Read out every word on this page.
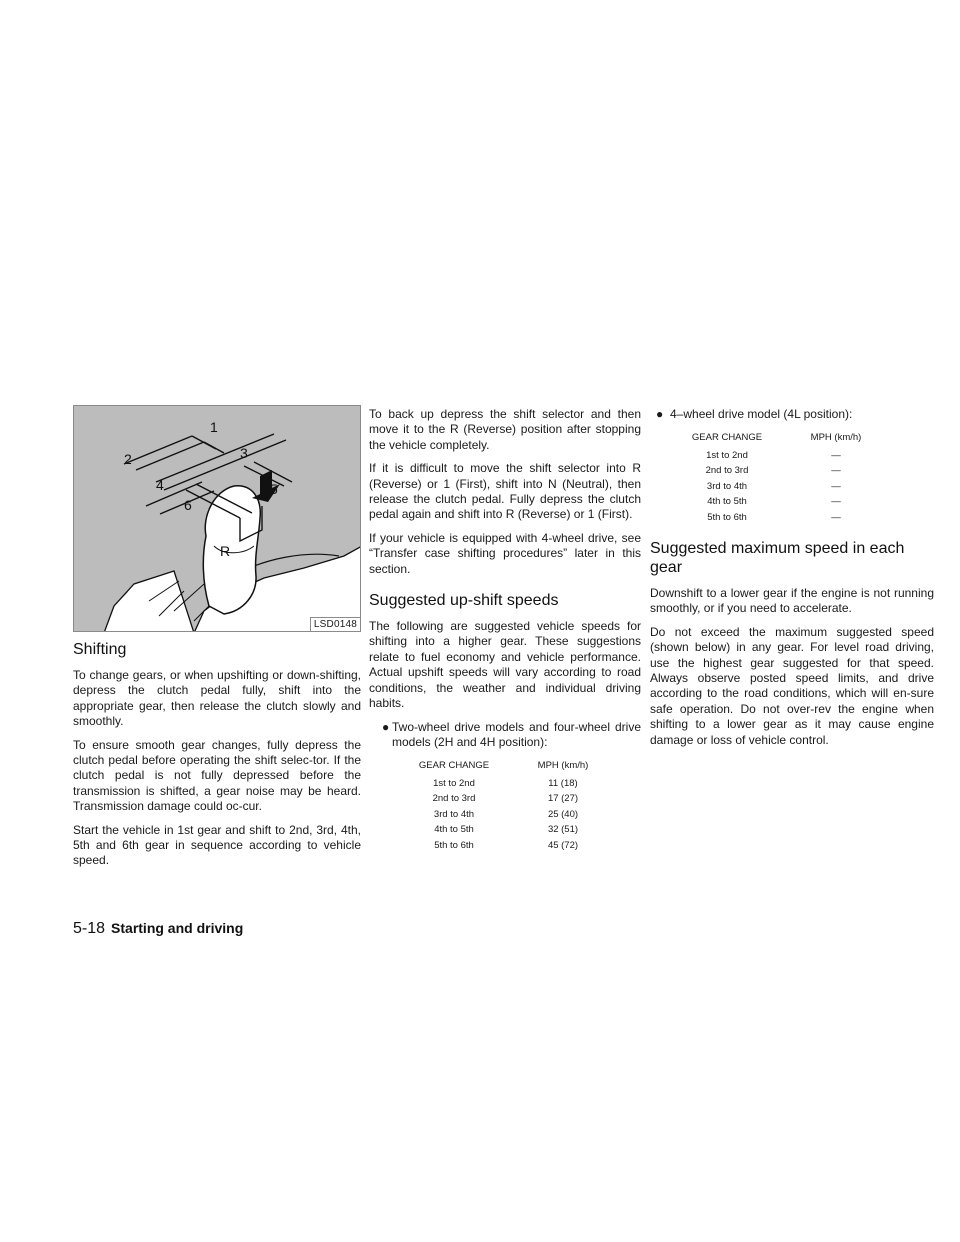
1
2	3
4	5
6
R
LSD0148
Shifting

To change gears, or when upshifting or down-shifting, depress the clutch pedal fully, shift into the appropriate gear, then release the clutch slowly and smoothly.

To ensure smooth gear changes, fully depress the clutch pedal before operating the shift selec-tor. If the clutch pedal is not fully depressed before the transmission is shifted, a gear noise may be heard. Transmission damage could oc-cur.

Start the vehicle in 1st gear and shift to 2nd, 3rd, 4th, 5th and 6th gear in sequence according to vehicle speed.

To back up depress the shift selector and then move it to the R (Reverse) position after stopping the vehicle completely.

If it is difficult to move the shift selector into R (Reverse) or 1 (First), shift into N (Neutral), then release the clutch pedal. Fully depress the clutch pedal again and shift into R (Reverse) or 1 (First).

If your vehicle is equipped with 4-wheel drive, see “Transfer case shifting procedures” later in this section.

Suggested up-shift speeds

The following are suggested vehicle speeds for shifting into a higher gear. These suggestions relate to fuel economy and vehicle performance. Actual upshift speeds will vary according to road conditions, the weather and individual driving habits.

● Two-wheel drive models and four-wheel drive models (2H and 4H position):
GEAR CHANGE	MPH (km/h)
1st to 2nd	11 (18)
2nd to 3rd	17 (27)
3rd to 4th	25 (40)
4th to 5th	32 (51)
5th to 6th	45 (72)
● 4–wheel drive model (4L position):
GEAR CHANGE	MPH (km/h)
1st to 2nd	—
2nd to 3rd	—
3rd to 4th	—
4th to 5th	—
5th to 6th	—
Suggested maximum speed in each gear

Downshift to a lower gear if the engine is not running smoothly, or if you need to accelerate.

Do not exceed the maximum suggested speed (shown below) in any gear. For level road driving, use the highest gear suggested for that speed. Always observe posted speed limits, and drive according to the road conditions, which will en-sure safe operation. Do not over-rev the engine when shifting to a lower gear as it may cause engine damage or loss of vehicle control.

5-18 Starting and driving
